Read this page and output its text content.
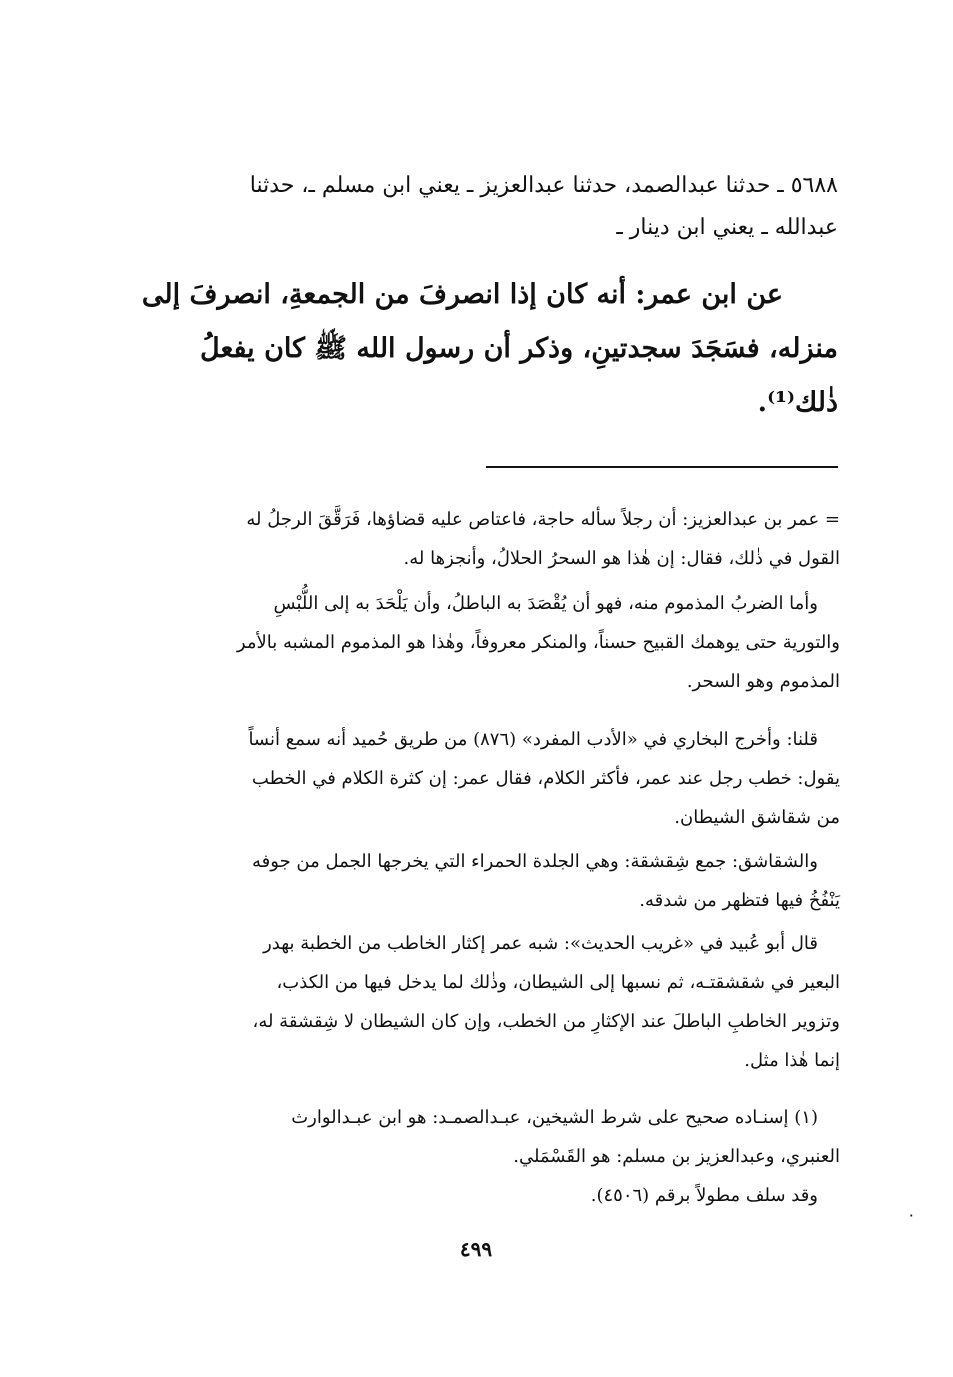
٥٦٨٨ ـ حدثنا عبدالصمد، حدثنا عبدالعزيز ـ يعني ابن مسلم ـ، حدثنا
عبدالله ـ يعني ابن دينار ـ
عن ابن عمر: أنه كان إذا انصرفَ من الجمعةِ، انصرفَ إلى
منزله، فسَجَدَ سجدتينِ، وذكر أن رسول الله ﷺ كان يفعلُ
ذٰلك⁽¹⁾.
= عمر بن عبدالعزيز: أن رجلاً سأله حاجة، فاعتاص عليه قضاؤها، فَرَقَّقَ الرجلُ له
القول في ذٰلك، فقال: إن هٰذا هو السحرُ الحلالُ، وأنجزها له.
وأما الضربُ المذموم منه، فهو أن يُقْصَدَ به الباطلُ، وأن يَلْحَدَ به إلى اللُّبْسِ
والتورية حتى يوهمك القبيح حسناً، والمنكر معروفاً، وهٰذا هو المذموم المشبه بالأمر
المذموم وهو السحر.
قلنا: وأخرج البخاري في «الأدب المفرد» (٨٧٦) من طريق حُميد أنه سمع أنساً
يقول: خطب رجل عند عمر، فأكثر الكلام، فقال عمر: إن كثرة الكلام في الخطب
من شقاشق الشيطان.
والشقاشق: جمع شِقشقة: وهي الجلدة الحمراء التي يخرجها الجمل من جوفه
يَنْفُخُ فيها فتظهر من شدقه.
قال أبو عُبيد في «غريب الحديث»: شبه عمر إكثار الخاطب من الخطبة بهدر
البعير في شقشقتـه، ثم نسبها إلى الشيطان، وذٰلك لما يدخل فيها من الكذب،
وتزوير الخاطبِ الباطلَ عند الإكثارِ من الخطب، وإن كان الشيطان لا شِقشقة له،
إنما هٰذا مثل.
(١) إسنـاده صحيح على شرط الشيخين، عبـدالصمـد: هو ابن عبـدالوارث
العنبري، وعبدالعزيز بن مسلم: هو القَسْمَلي.
وقد سلف مطولاً برقم (٤٥٠٦).
٤٩٩
٠
